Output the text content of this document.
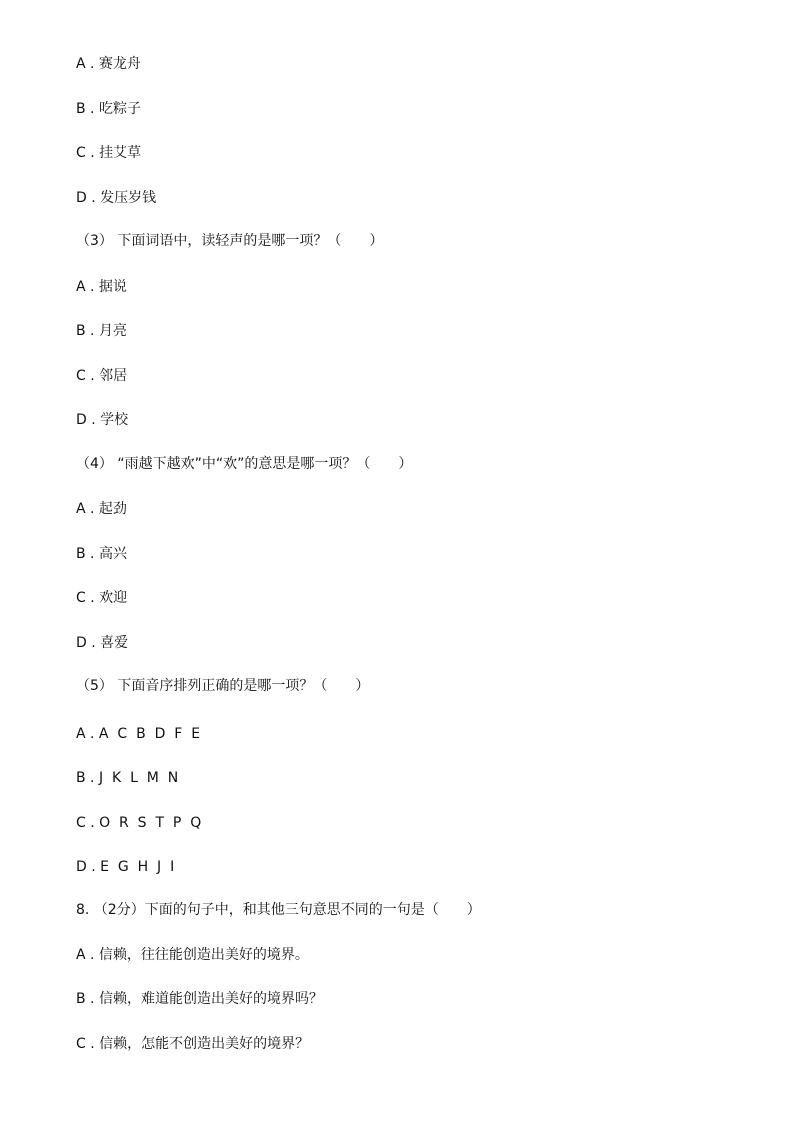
A . 赛龙舟
B . 吃粽子
C . 挂艾草
D . 发压岁钱
（3） 下面词语中，读轻声的是哪一项？（　　）
A . 据说
B . 月亮
C . 邻居
D . 学校
（4） “雨越下越欢”中“欢”的意思是哪一项？（　　）
A . 起劲
B . 高兴
C . 欢迎
D . 喜爱
（5） 下面音序排列正确的是哪一项？（　　）
A . A  C  B  D  F  E
B . J  K  L  M  N
C . O  R  S  T  P  Q
D . E  G  H  J  I
8. （2分）下面的句子中，和其他三句意思不同的一句是（　　）
A . 信赖，往往能创造出美好的境界。
B . 信赖，难道能创造出美好的境界吗？
C . 信赖，怎能不创造出美好的境界？
